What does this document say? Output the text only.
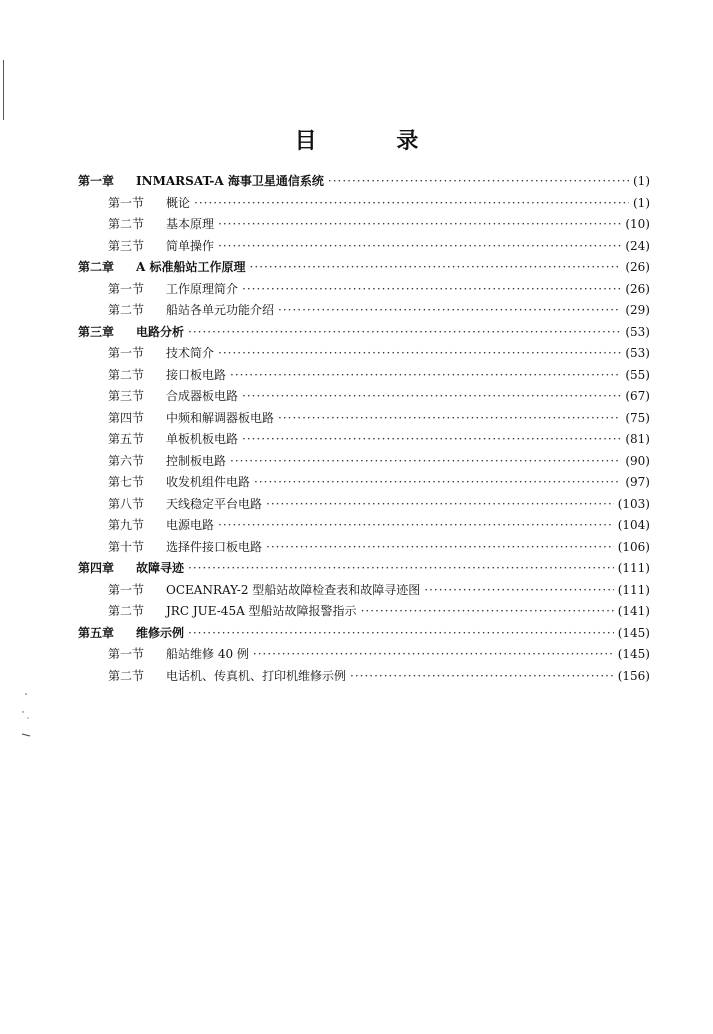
目 录
第一章	INMARSAT-A 海事卫星通信系统 ·····	(1)
第一节	概论 ·····	(1)
第二节	基本原理 ·····	(10)
第三节	简单操作 ·····	(24)
第二章	A 标准船站工作原理 ·····	(26)
第一节	工作原理简介 ·····	(26)
第二节	船站各单元功能介绍 ·····	(29)
第三章	电路分析 ·····	(53)
第一节	技术简介 ·····	(53)
第二节	接口板电路 ·····	(55)
第三节	合成器板电路 ·····	(67)
第四节	中频和解调器板电路 ·····	(75)
第五节	单板机板电路 ·····	(81)
第六节	控制板电路 ·····	(90)
第七节	收发机组件电路 ·····	(97)
第八节	天线稳定平台电路 ·····	(103)
第九节	电源电路 ·····	(104)
第十节	选择件接口板电路 ·····	(106)
第四章	故障寻迹 ·····	(111)
第一节	OCEANRAY-2 型船站故障检查表和故障寻迹图 ·····	(111)
第二节	JRC JUE-45A 型船站故障报警指示 ·····	(141)
第五章	维修示例 ·····	(145)
第一节	船站维修 40 例 ·····	(145)
第二节	电话机、传真机、打印机维修示例 ·····	(156)
